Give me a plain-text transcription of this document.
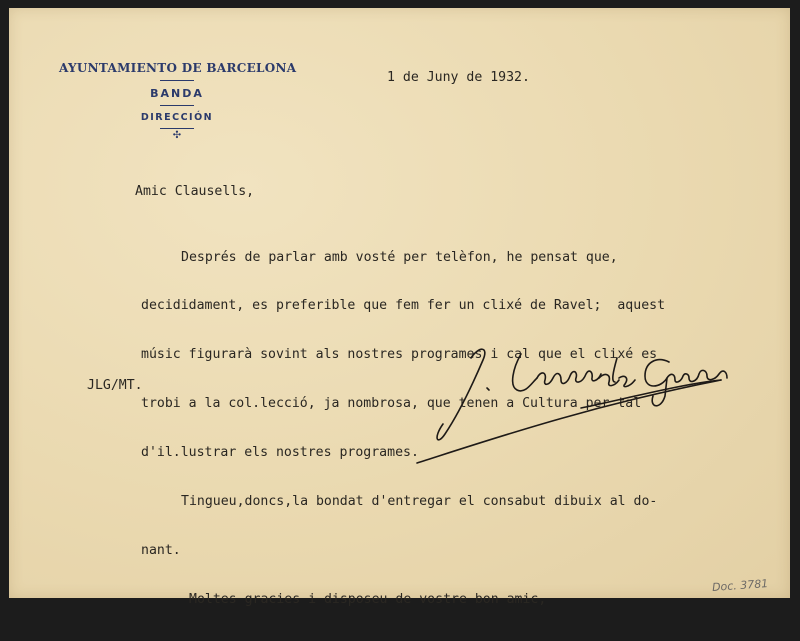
AYUNTAMIENTO DE BARCELONA
BANDA
DIRECCIÓN
✣
1 de Juny de 1932.
Amic Clausells,

Després de parlar amb vosté per telèfon, he pensat que,

decididament, es preferible que fem fer un clixé de Ravel;  aquest

músic figurarà sovint als nostres programes i cal que el clixé es

trobi a la col.lecció, ja nombrosa, que tenen a Cultura per tal

d'il.lustrar els nostres programes.

Tingueu,doncs,la bondat d'entregar el consabut dibuix al do-

nant.

Moltes gracies i disposeu de vostre bon amic,

JLG/MT.
J. Lamote de Grignon
Doc. 3781
